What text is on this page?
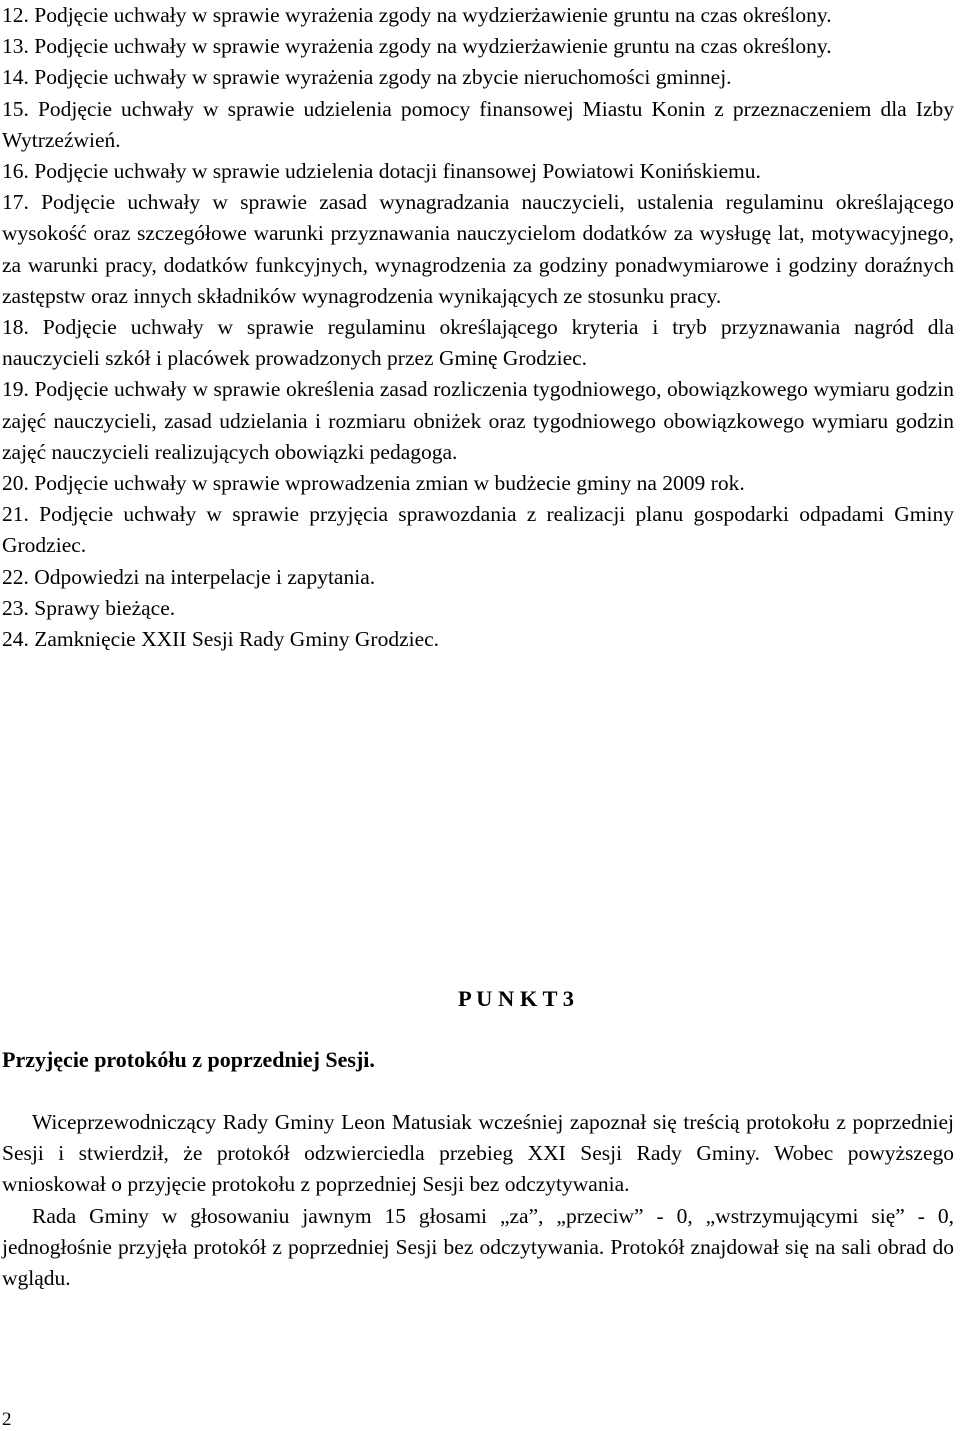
12. Podjęcie uchwały w sprawie wyrażenia zgody na wydzierżawienie gruntu na czas określony.
13. Podjęcie uchwały w sprawie wyrażenia zgody na wydzierżawienie gruntu na czas określony.
14. Podjęcie uchwały w sprawie wyrażenia zgody na zbycie nieruchomości gminnej.
15. Podjęcie uchwały w sprawie udzielenia pomocy finansowej Miastu Konin z przeznaczeniem dla Izby Wytrzeźwień.
16. Podjęcie uchwały w sprawie udzielenia dotacji finansowej Powiatowi Konińskiemu.
17. Podjęcie uchwały w sprawie zasad wynagradzania nauczycieli, ustalenia regulaminu określającego wysokość oraz szczegółowe warunki przyznawania nauczycielom dodatków za wysługę lat, motywacyjnego, za warunki pracy, dodatków funkcyjnych, wynagrodzenia za godziny ponadwymiarowe i godziny doraźnych zastępstw oraz innych składników wynagrodzenia wynikających ze stosunku pracy.
18. Podjęcie uchwały w sprawie regulaminu określającego kryteria i tryb przyznawania nagród dla nauczycieli szkół i placówek prowadzonych przez Gminę Grodziec.
19. Podjęcie uchwały w sprawie określenia zasad rozliczenia tygodniowego, obowiązkowego wymiaru godzin zajęć nauczycieli, zasad udzielania i rozmiaru obniżek oraz tygodniowego obowiązkowego wymiaru godzin zajęć nauczycieli realizujących obowiązki pedagoga.
20. Podjęcie uchwały w sprawie wprowadzenia zmian w budżecie gminy na 2009 rok.
21. Podjęcie uchwały w sprawie przyjęcia sprawozdania z realizacji planu gospodarki odpadami Gminy Grodziec.
22. Odpowiedzi na interpelacje i zapytania.
23. Sprawy bieżące.
24. Zamknięcie XXII Sesji Rady Gminy Grodziec.
P U N K T 3
Przyjęcie protokółu z poprzedniej Sesji.

Wiceprzewodniczący Rady Gminy Leon Matusiak wcześniej zapoznał się treścią protokołu z poprzedniej Sesji i stwierdził, że protokół odzwierciedla przebieg XXI Sesji Rady Gminy. Wobec powyższego wnioskował o przyjęcie protokołu z poprzedniej Sesji bez odczytywania.

Rada Gminy w głosowaniu jawnym 15 głosami „za”, „przeciw” - 0, „wstrzymującymi się” - 0, jednogłośnie przyjęła protokół z poprzedniej Sesji bez odczytywania. Protokół znajdował się na sali obrad do wglądu.

2
